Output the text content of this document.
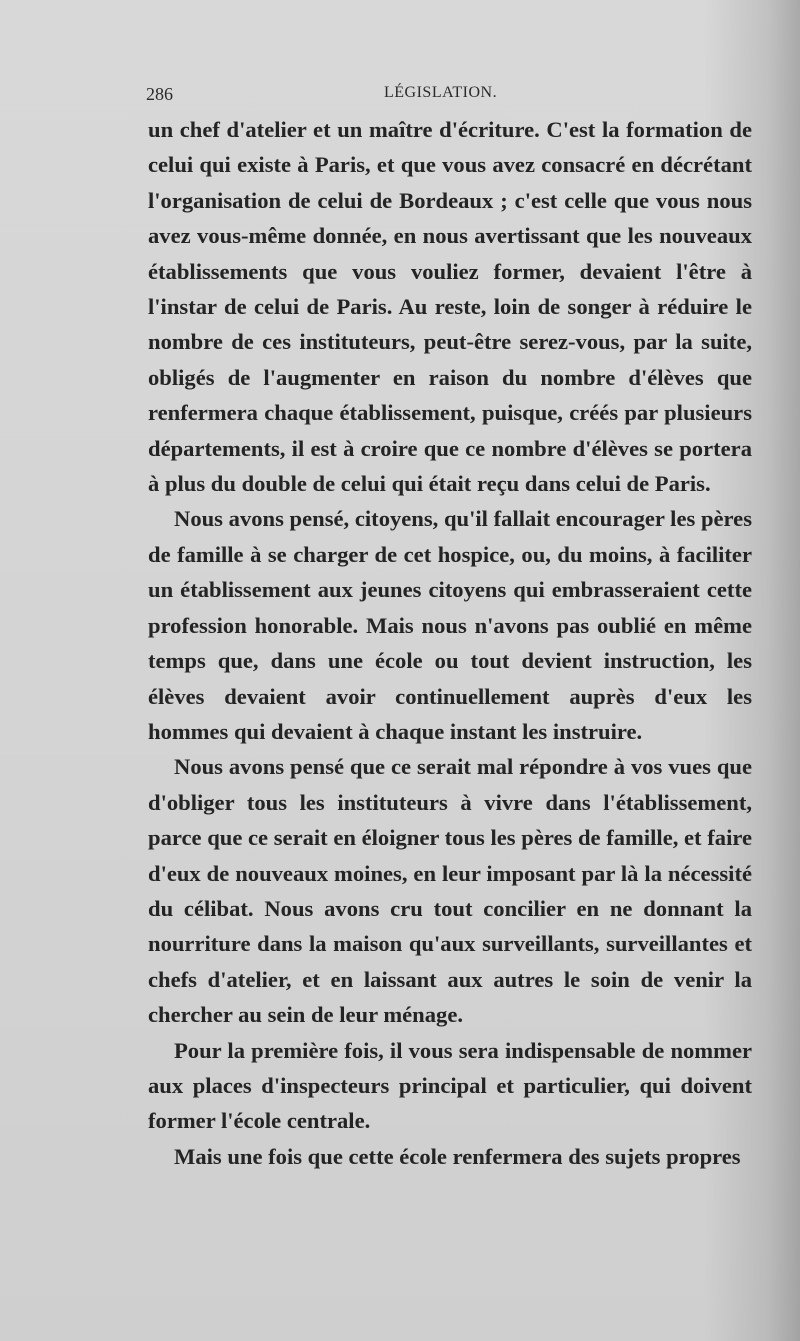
286	LÉGISLATION.

un chef d'atelier et un maître d'écriture. C'est la formation de celui qui existe à Paris, et que vous avez consacré en décrétant l'organisation de celui de Bordeaux ; c'est celle que vous nous avez vous-même donnée, en nous avertissant que les nouveaux établissements que vous vouliez former, devaient l'être à l'instar de celui de Paris. Au reste, loin de songer à réduire le nombre de ces instituteurs, peut-être serez-vous, par la suite, obligés de l'augmenter en raison du nombre d'élèves que renfermera chaque établissement, puisque, créés par plusieurs départements, il est à croire que ce nombre d'élèves se portera à plus du double de celui qui était reçu dans celui de Paris.

Nous avons pensé, citoyens, qu'il fallait encourager les pères de famille à se charger de cet hospice, ou, du moins, à faciliter un établissement aux jeunes citoyens qui embrasseraient cette profession honorable. Mais nous n'avons pas oublié en même temps que, dans une école ou tout devient instruction, les élèves devaient avoir continuellement auprès d'eux les hommes qui devaient à chaque instant les instruire.

Nous avons pensé que ce serait mal répondre à vos vues que d'obliger tous les instituteurs à vivre dans l'établissement, parce que ce serait en éloigner tous les pères de famille, et faire d'eux de nouveaux moines, en leur imposant par là la nécessité du célibat. Nous avons cru tout concilier en ne donnant la nourriture dans la maison qu'aux surveillants, surveillantes et chefs d'atelier, et en laissant aux autres le soin de venir la chercher au sein de leur ménage.

Pour la première fois, il vous sera indispensable de nommer aux places d'inspecteurs principal et particulier, qui doivent former l'école centrale.

Mais une fois que cette école renfermera des sujets propres
